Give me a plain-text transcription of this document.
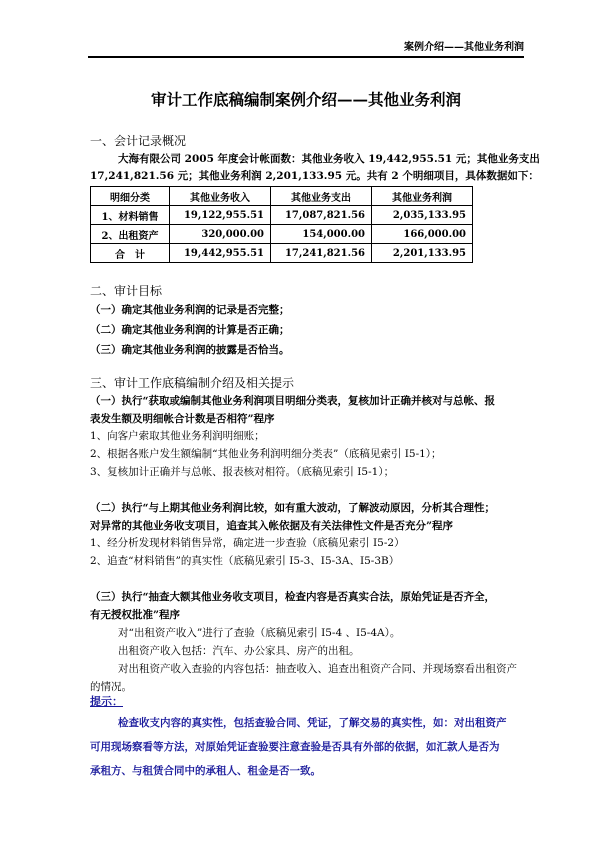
案例介绍——其他业务利润
审计工作底稿编制案例介绍——其他业务利润
一、会计记录概况
大海有限公司 2005 年度会计帐面数：其他业务收入 19,442,955.51 元；其他业务支出
17,241,821.56 元；其他业务利润 2,201,133.95 元。共有 2 个明细项目，具体数据如下：
明细分类	其他业务收入	其他业务支出	其他业务利润
1、材料销售	19,122,955.51	17,087,821.56	2,035,133.95
2、出租资产	320,000.00	154,000.00	166,000.00
合　计	19,442,955.51	17,241,821.56	2,201,133.95
二、审计目标
（一）确定其他业务利润的记录是否完整；
（二）确定其他业务利润的计算是否正确；
（三）确定其他业务利润的披露是否恰当。
三、审计工作底稿编制介绍及相关提示
（一）执行“获取或编制其他业务利润项目明细分类表，复核加计正确并核对与总帐、报
表发生额及明细帐合计数是否相符”程序
1、向客户索取其他业务利润明细账；
2、根据各账户发生额编制“其他业务利润明细分类表”（底稿见索引 I5-1）；
3、复核加计正确并与总帐、报表核对相符。（底稿见索引 I5-1）；
（二）执行“与上期其他业务利润比较，如有重大波动，了解波动原因，分析其合理性；
对异常的其他业务收支项目，追查其入帐依据及有关法律性文件是否充分”程序
1、经分析发现材料销售异常，确定进一步查验（底稿见索引 I5-2）
2、追查“材料销售”的真实性（底稿见索引 I5-3、I5-3A、I5-3B）
（三）执行“抽查大额其他业务收支项目，检查内容是否真实合法，原始凭证是否齐全，
有无授权批准”程序
对“出租资产收入”进行了查验（底稿见索引 I5-4 、I5-4A）。
出租资产收入包括：汽车、办公家具、房产的出租。
对出租资产收入查验的内容包括：抽查收入、追查出租资产合同、并现场察看出租资产
的情况。
提示：
检查收支内容的真实性，包括查验合同、凭证，了解交易的真实性，如：对出租资产
可用现场察看等方法，对原始凭证查验要注意查验是否具有外部的依据，如汇款人是否为
承租方、与租赁合同中的承租人、租金是否一致。
